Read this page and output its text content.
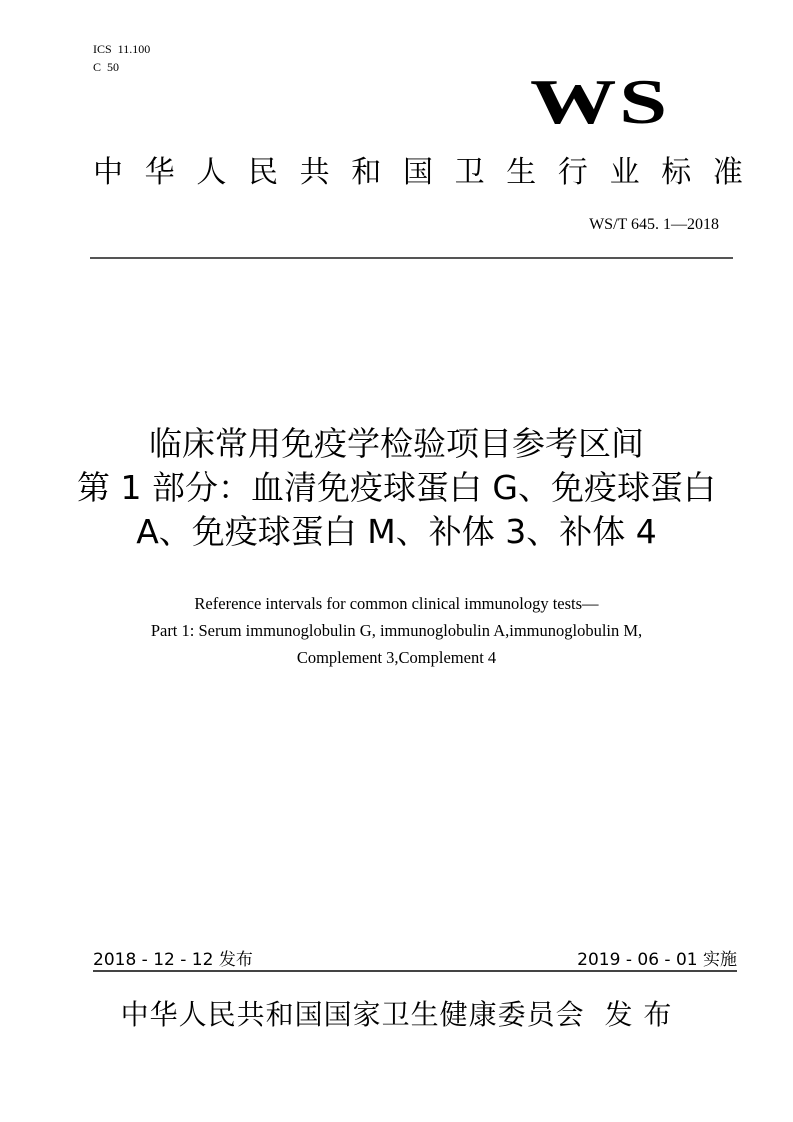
ICS  11.100
C  50	WS
中 华 人 民 共 和 国 卫 生 行 业 标 准
WS/T 645. 1—2018
临床常用免疫学检验项目参考区间
第 1 部分：血清免疫球蛋白 G、免疫球蛋白
A、免疫球蛋白 M、补体 3、补体 4
Reference intervals for common clinical immunology tests—
Part 1: Serum immunoglobulin G, immunoglobulin A,immunoglobulin M,
Complement 3,Complement 4
2018 - 12 - 12 发布	2019 - 06 - 01 实施
中华人民共和国国家卫生健康委员会  发 布
